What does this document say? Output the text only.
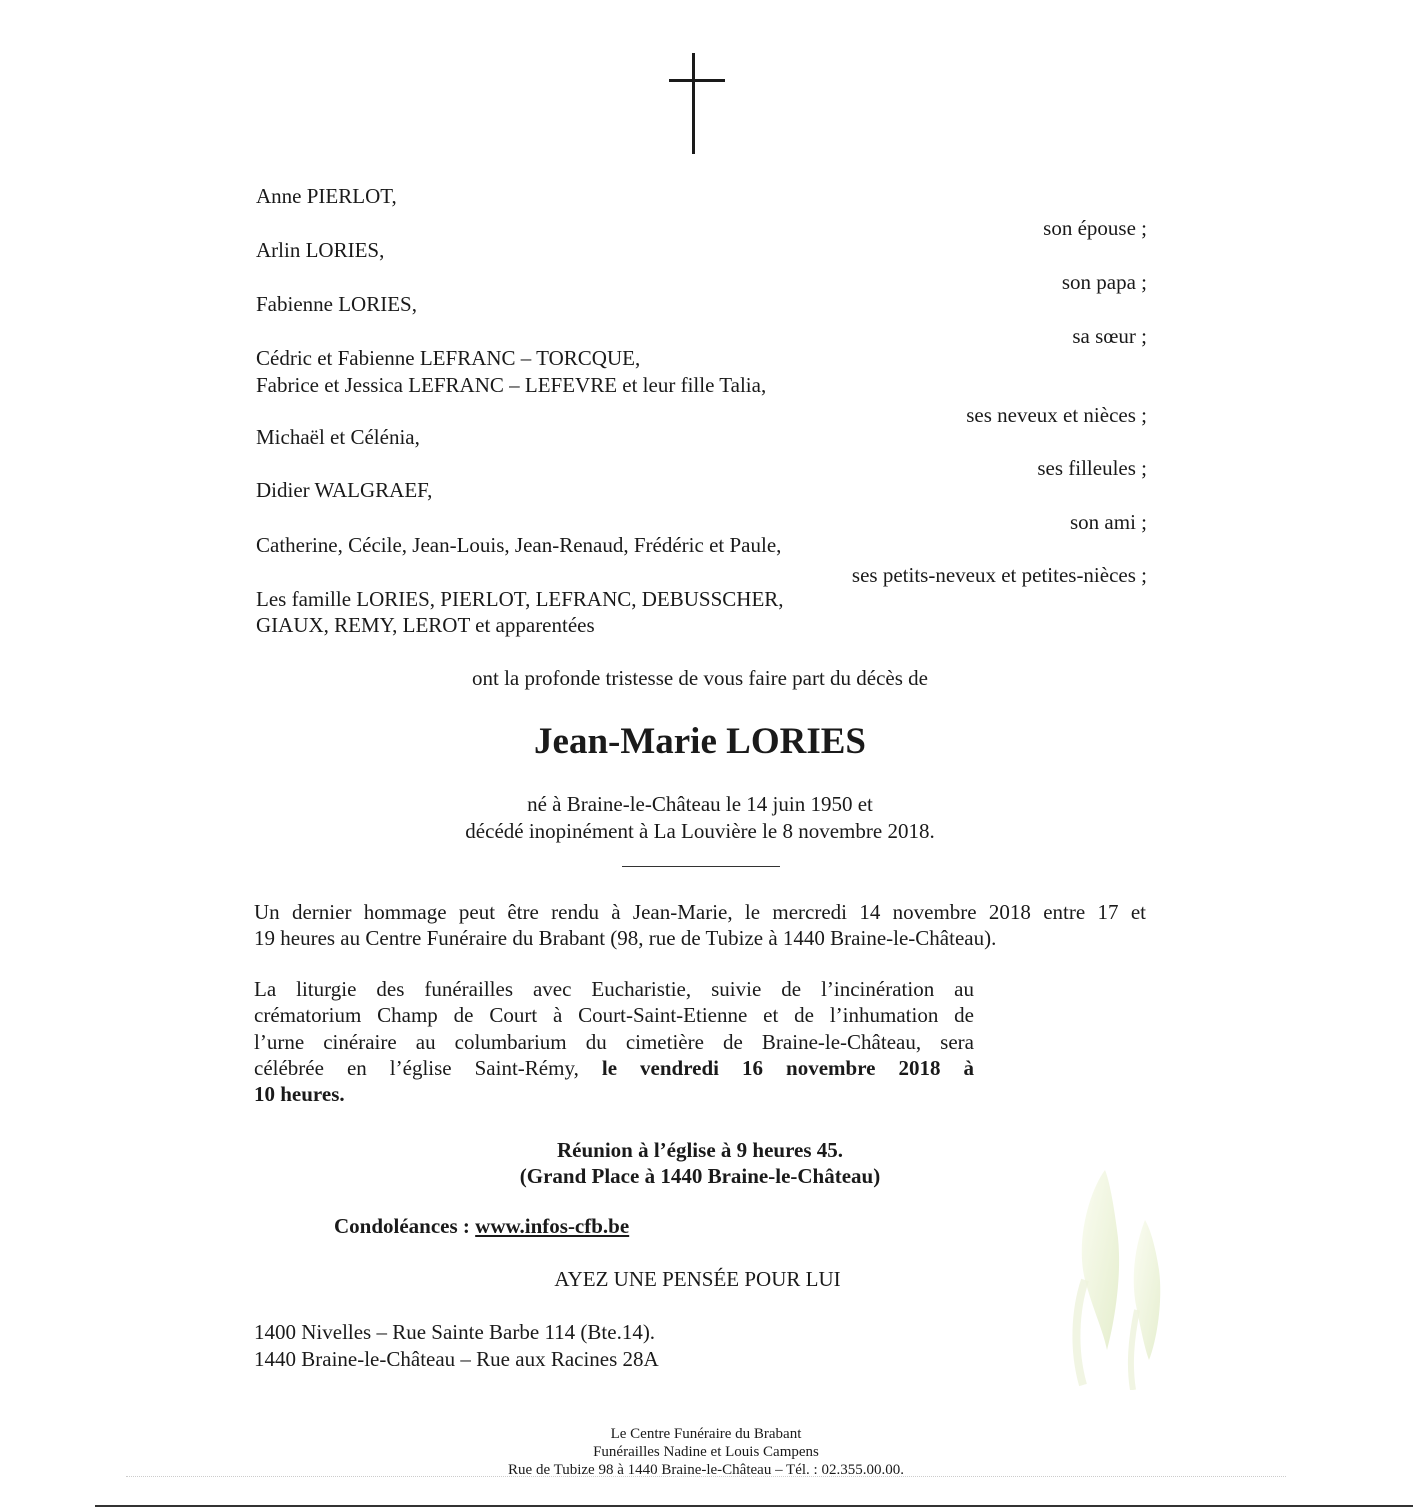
Anne PIERLOT,
son épouse ;
Arlin LORIES,
son papa ;
Fabienne LORIES,
sa sœur ;
Cédric et Fabienne LEFRANC – TORCQUE,
Fabrice et Jessica LEFRANC – LEFEVRE et leur fille Talia,
ses neveux et nièces ;
Michaël et Célénia,
ses filleules ;
Didier WALGRAEF,
son ami ;
Catherine, Cécile, Jean-Louis, Jean-Renaud, Frédéric et Paule,
ses petits-neveux et petites-nièces ;
Les famille LORIES, PIERLOT, LEFRANC, DEBUSSCHER,
GIAUX, REMY, LEROT et apparentées
ont la profonde tristesse de vous faire part du décès de
Jean-Marie LORIES
né à Braine-le-Château le 14 juin 1950 et
décédé inopinément à La Louvière le 8 novembre 2018.
Un dernier hommage peut être rendu à Jean-Marie, le mercredi 14 novembre 2018 entre 17 et
19 heures au Centre Funéraire du Brabant (98, rue de Tubize à 1440 Braine-le-Château).
La liturgie des funérailles avec Eucharistie, suivie de l’incinération au
crématorium Champ de Court à Court-Saint-Etienne et de l’inhumation de
l’urne cinéraire au columbarium du cimetière de Braine-le-Château, sera
célébrée en l’église Saint-Rémy, le vendredi 16 novembre 2018 à
10 heures.
Réunion à l’église à 9 heures 45.
(Grand Place à 1440 Braine-le-Château)
Condoléances : www.infos-cfb.be
AYEZ UNE PENSÉE POUR LUI
1400 Nivelles – Rue Sainte Barbe 114 (Bte.14).
1440 Braine-le-Château – Rue aux Racines 28A
Le Centre Funéraire du Brabant
Funérailles Nadine et Louis Campens
Rue de Tubize 98 à 1440 Braine-le-Château – Tél. : 02.355.00.00.
